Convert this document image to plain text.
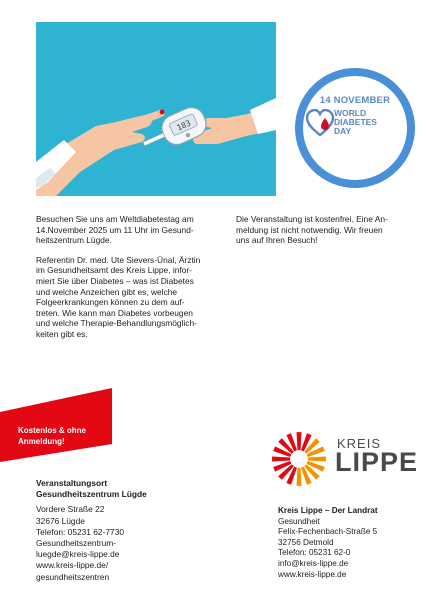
183
14 NOVEMBER
WORLD
DIABETES
DAY

Besuchen Sie uns am Weltdiabetestag am
14.November 2025 um 11 Uhr im Gesund-
heitszentrum Lügde.

Referentin Dr. med. Ute Sievers-Ünal, Ärztin
im Gesundheitsamt des Kreis Lippe, infor-
miert Sie über Diabetes – was ist Diabetes
und welche Anzeichen gibt es, welche
Folgeerkrankungen können zu dem auf-
treten. Wie kann man Diabetes vorbeugen
und welche Therapie-Behandlungsmöglich-
keiten gibt es.

Die Veranstaltung ist kostenfrei. Eine An-
meldung ist nicht notwendig. Wir freuen
uns auf Ihren Besuch!

Kostenlos & ohne
Anmeldung!
Veranstaltungsort
Gesundheitszentrum Lügde
Vordere Straße 22
32676 Lügde
Telefon: 05231 62-7730
Gesundheitszentrum-
luegde@kreis-lippe.de
www.kreis-lippe.de/
gesundheitszentren
KREIS
LIPPE
Kreis Lippe – Der Landrat
Gesundheit
Felix-Fechenbach-Straße 5
32756 Detmold
Telefon: 05231 62-0
info@kreis-lippe.de
www.kreis-lippe.de
